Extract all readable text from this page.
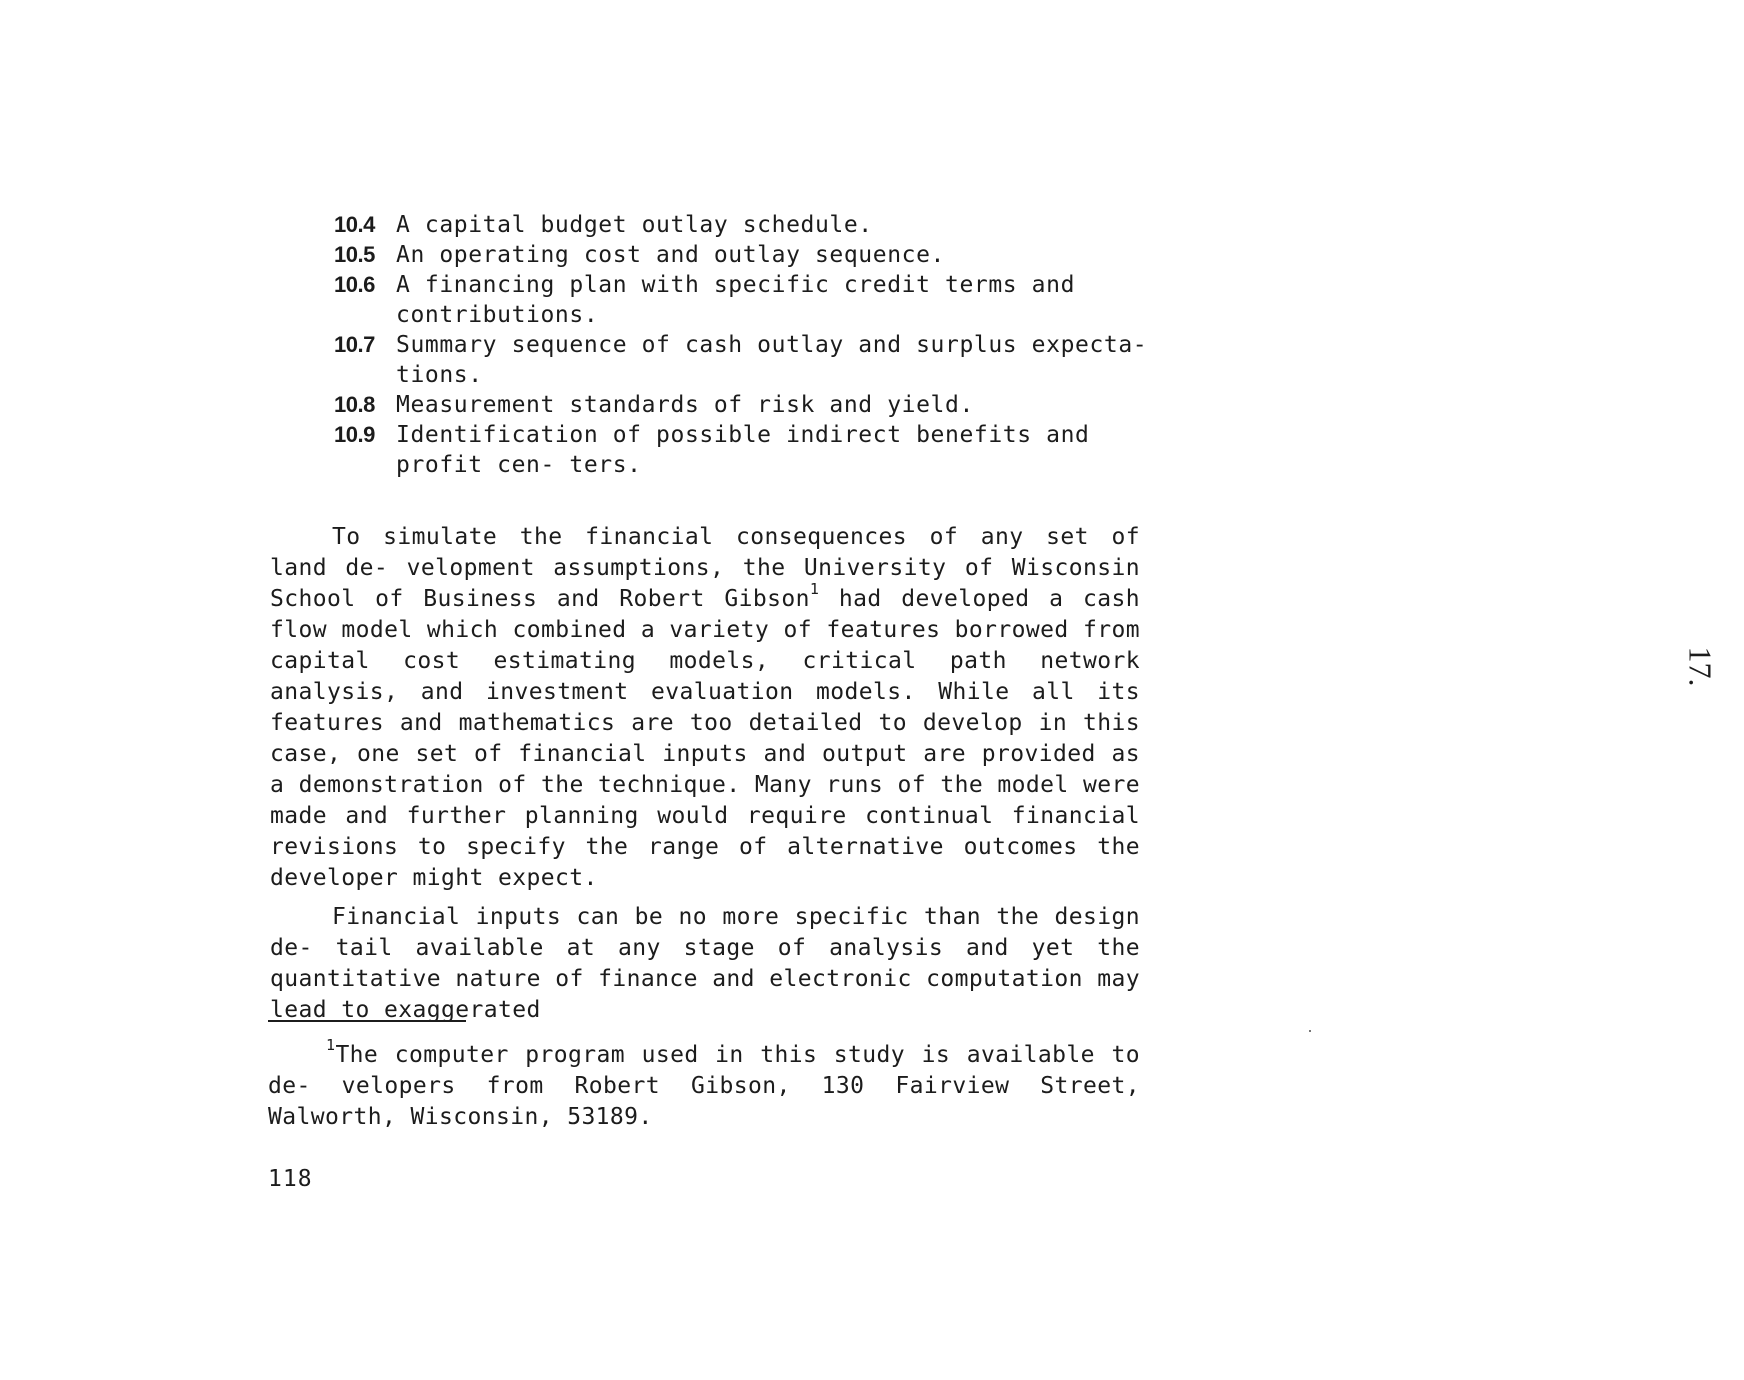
10.4 A capital budget outlay schedule.
10.5 An operating cost and outlay sequence.
10.6 A financing plan with specific credit terms and contributions.
10.7 Summary sequence of cash outlay and surplus expecta- tions.
10.8 Measurement standards of risk and yield.
10.9 Identification of possible indirect benefits and profit cen- ters.

To simulate the financial consequences of any set of land de- velopment assumptions, the University of Wisconsin School of Business and Robert Gibson$^1$ had developed a cash flow model which combined a variety of features borrowed from capital cost estimating models, critical path network analysis, and investment evaluation models. While all its features and mathematics are too detailed to develop in this case, one set of financial inputs and output are provided as a demonstration of the technique. Many runs of the model were made and further planning would require continual financial revisions to specify the range of alternative outcomes the developer might expect.

Financial inputs can be no more specific than the design de- tail available at any stage of analysis and yet the quantitative nature of finance and electronic computation may lead to exaggerated

$^1$The computer program used in this study is available to de- velopers from Robert Gibson, 130 Fairview Street, Walworth, Wisconsin, 53189.

118
17.
